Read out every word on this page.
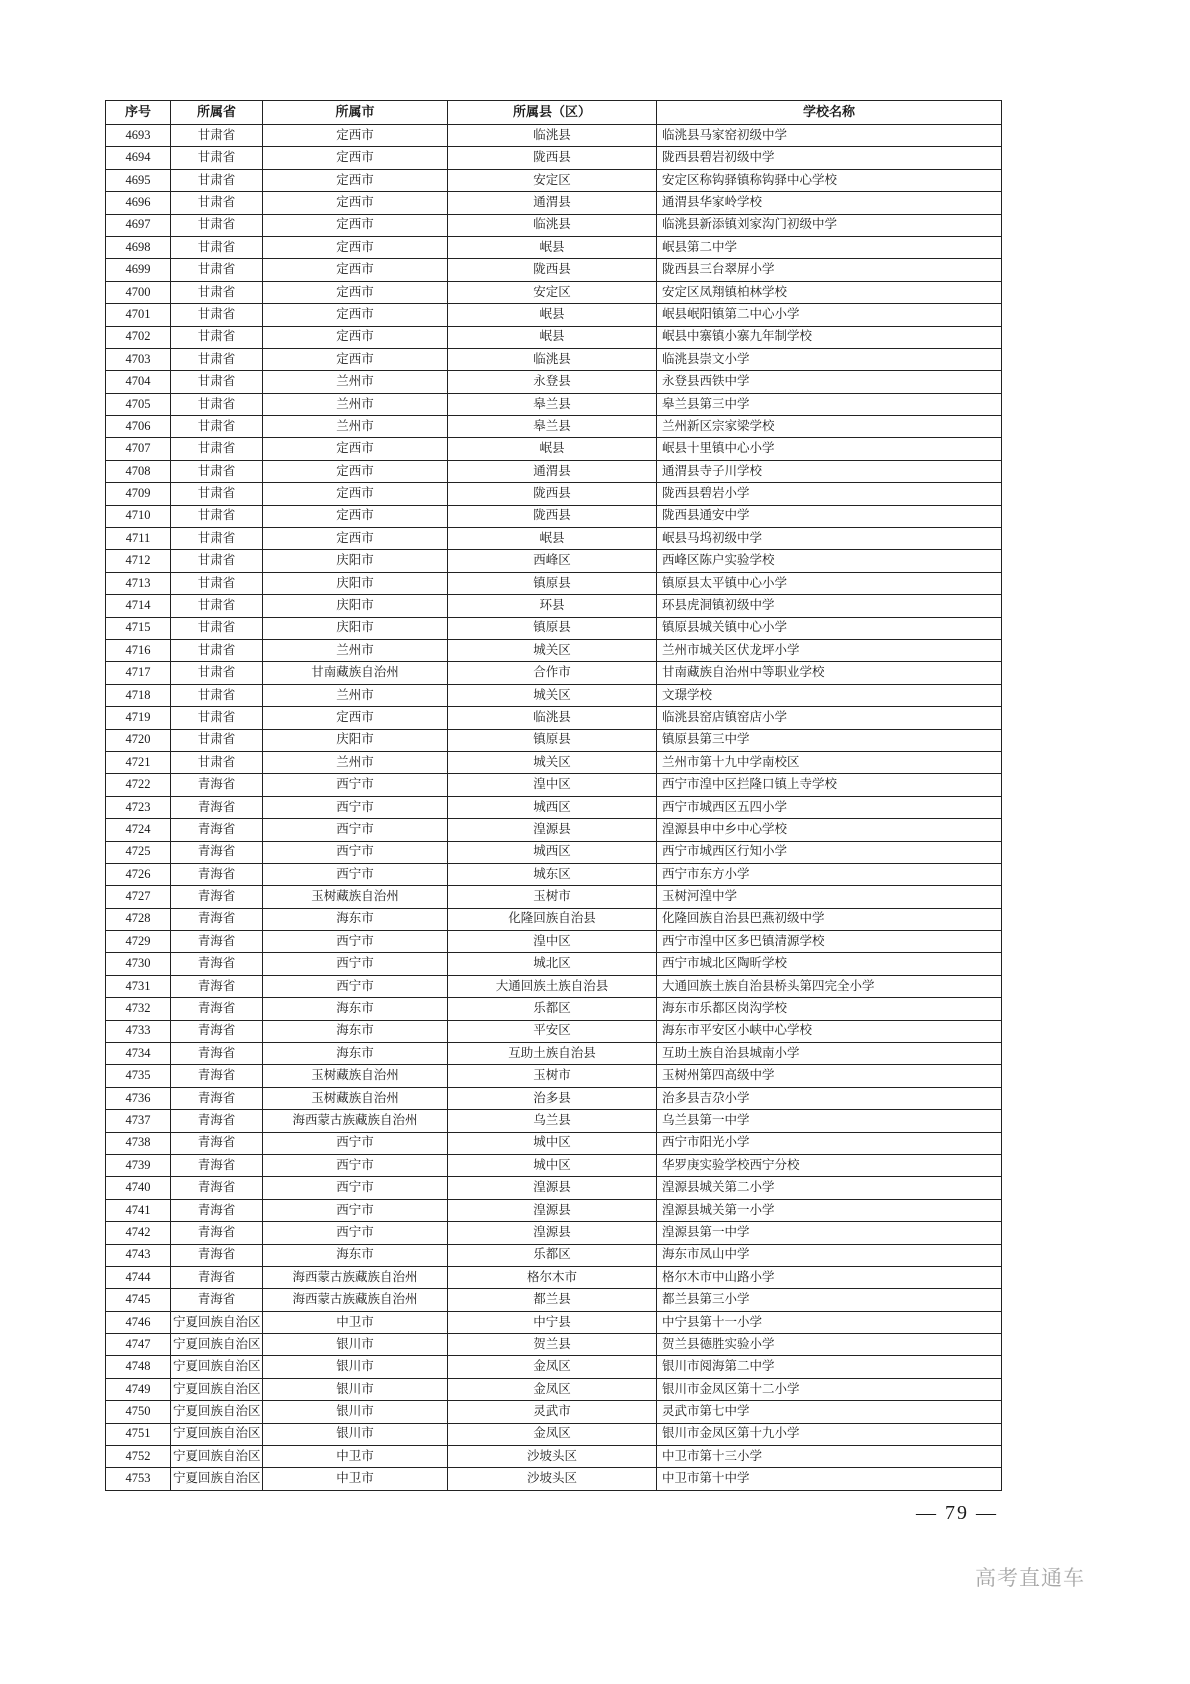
序号	所属省	所属市	所属县（区）	学校名称
4693	甘肃省	定西市	临洮县	临洮县马家窑初级中学
4694	甘肃省	定西市	陇西县	陇西县碧岩初级中学
4695	甘肃省	定西市	安定区	安定区称钩驿镇称钩驿中心学校
4696	甘肃省	定西市	通渭县	通渭县华家岭学校
4697	甘肃省	定西市	临洮县	临洮县新添镇刘家沟门初级中学
4698	甘肃省	定西市	岷县	岷县第二中学
4699	甘肃省	定西市	陇西县	陇西县三台翠屏小学
4700	甘肃省	定西市	安定区	安定区凤翔镇柏林学校
4701	甘肃省	定西市	岷县	岷县岷阳镇第二中心小学
4702	甘肃省	定西市	岷县	岷县中寨镇小寨九年制学校
4703	甘肃省	定西市	临洮县	临洮县崇文小学
4704	甘肃省	兰州市	永登县	永登县西铁中学
4705	甘肃省	兰州市	皋兰县	皋兰县第三中学
4706	甘肃省	兰州市	皋兰县	兰州新区宗家梁学校
4707	甘肃省	定西市	岷县	岷县十里镇中心小学
4708	甘肃省	定西市	通渭县	通渭县寺子川学校
4709	甘肃省	定西市	陇西县	陇西县碧岩小学
4710	甘肃省	定西市	陇西县	陇西县通安中学
4711	甘肃省	定西市	岷县	岷县马坞初级中学
4712	甘肃省	庆阳市	西峰区	西峰区陈户实验学校
4713	甘肃省	庆阳市	镇原县	镇原县太平镇中心小学
4714	甘肃省	庆阳市	环县	环县虎洞镇初级中学
4715	甘肃省	庆阳市	镇原县	镇原县城关镇中心小学
4716	甘肃省	兰州市	城关区	兰州市城关区伏龙坪小学
4717	甘肃省	甘南藏族自治州	合作市	甘南藏族自治州中等职业学校
4718	甘肃省	兰州市	城关区	文璟学校
4719	甘肃省	定西市	临洮县	临洮县窑店镇窑店小学
4720	甘肃省	庆阳市	镇原县	镇原县第三中学
4721	甘肃省	兰州市	城关区	兰州市第十九中学南校区
4722	青海省	西宁市	湟中区	西宁市湟中区拦隆口镇上寺学校
4723	青海省	西宁市	城西区	西宁市城西区五四小学
4724	青海省	西宁市	湟源县	湟源县申中乡中心学校
4725	青海省	西宁市	城西区	西宁市城西区行知小学
4726	青海省	西宁市	城东区	西宁市东方小学
4727	青海省	玉树藏族自治州	玉树市	玉树河湟中学
4728	青海省	海东市	化隆回族自治县	化隆回族自治县巴燕初级中学
4729	青海省	西宁市	湟中区	西宁市湟中区多巴镇清源学校
4730	青海省	西宁市	城北区	西宁市城北区陶昕学校
4731	青海省	西宁市	大通回族土族自治县	大通回族土族自治县桥头第四完全小学
4732	青海省	海东市	乐都区	海东市乐都区岗沟学校
4733	青海省	海东市	平安区	海东市平安区小峡中心学校
4734	青海省	海东市	互助土族自治县	互助土族自治县城南小学
4735	青海省	玉树藏族自治州	玉树市	玉树州第四高级中学
4736	青海省	玉树藏族自治州	治多县	治多县吉尕小学
4737	青海省	海西蒙古族藏族自治州	乌兰县	乌兰县第一中学
4738	青海省	西宁市	城中区	西宁市阳光小学
4739	青海省	西宁市	城中区	华罗庚实验学校西宁分校
4740	青海省	西宁市	湟源县	湟源县城关第二小学
4741	青海省	西宁市	湟源县	湟源县城关第一小学
4742	青海省	西宁市	湟源县	湟源县第一中学
4743	青海省	海东市	乐都区	海东市凤山中学
4744	青海省	海西蒙古族藏族自治州	格尔木市	格尔木市中山路小学
4745	青海省	海西蒙古族藏族自治州	都兰县	都兰县第三小学
4746	宁夏回族自治区	中卫市	中宁县	中宁县第十一小学
4747	宁夏回族自治区	银川市	贺兰县	贺兰县德胜实验小学
4748	宁夏回族自治区	银川市	金凤区	银川市阅海第二中学
4749	宁夏回族自治区	银川市	金凤区	银川市金凤区第十二小学
4750	宁夏回族自治区	银川市	灵武市	灵武市第七中学
4751	宁夏回族自治区	银川市	金凤区	银川市金凤区第十九小学
4752	宁夏回族自治区	中卫市	沙坡头区	中卫市第十三小学
4753	宁夏回族自治区	中卫市	沙坡头区	中卫市第十中学
— 79 —
高考直通车
